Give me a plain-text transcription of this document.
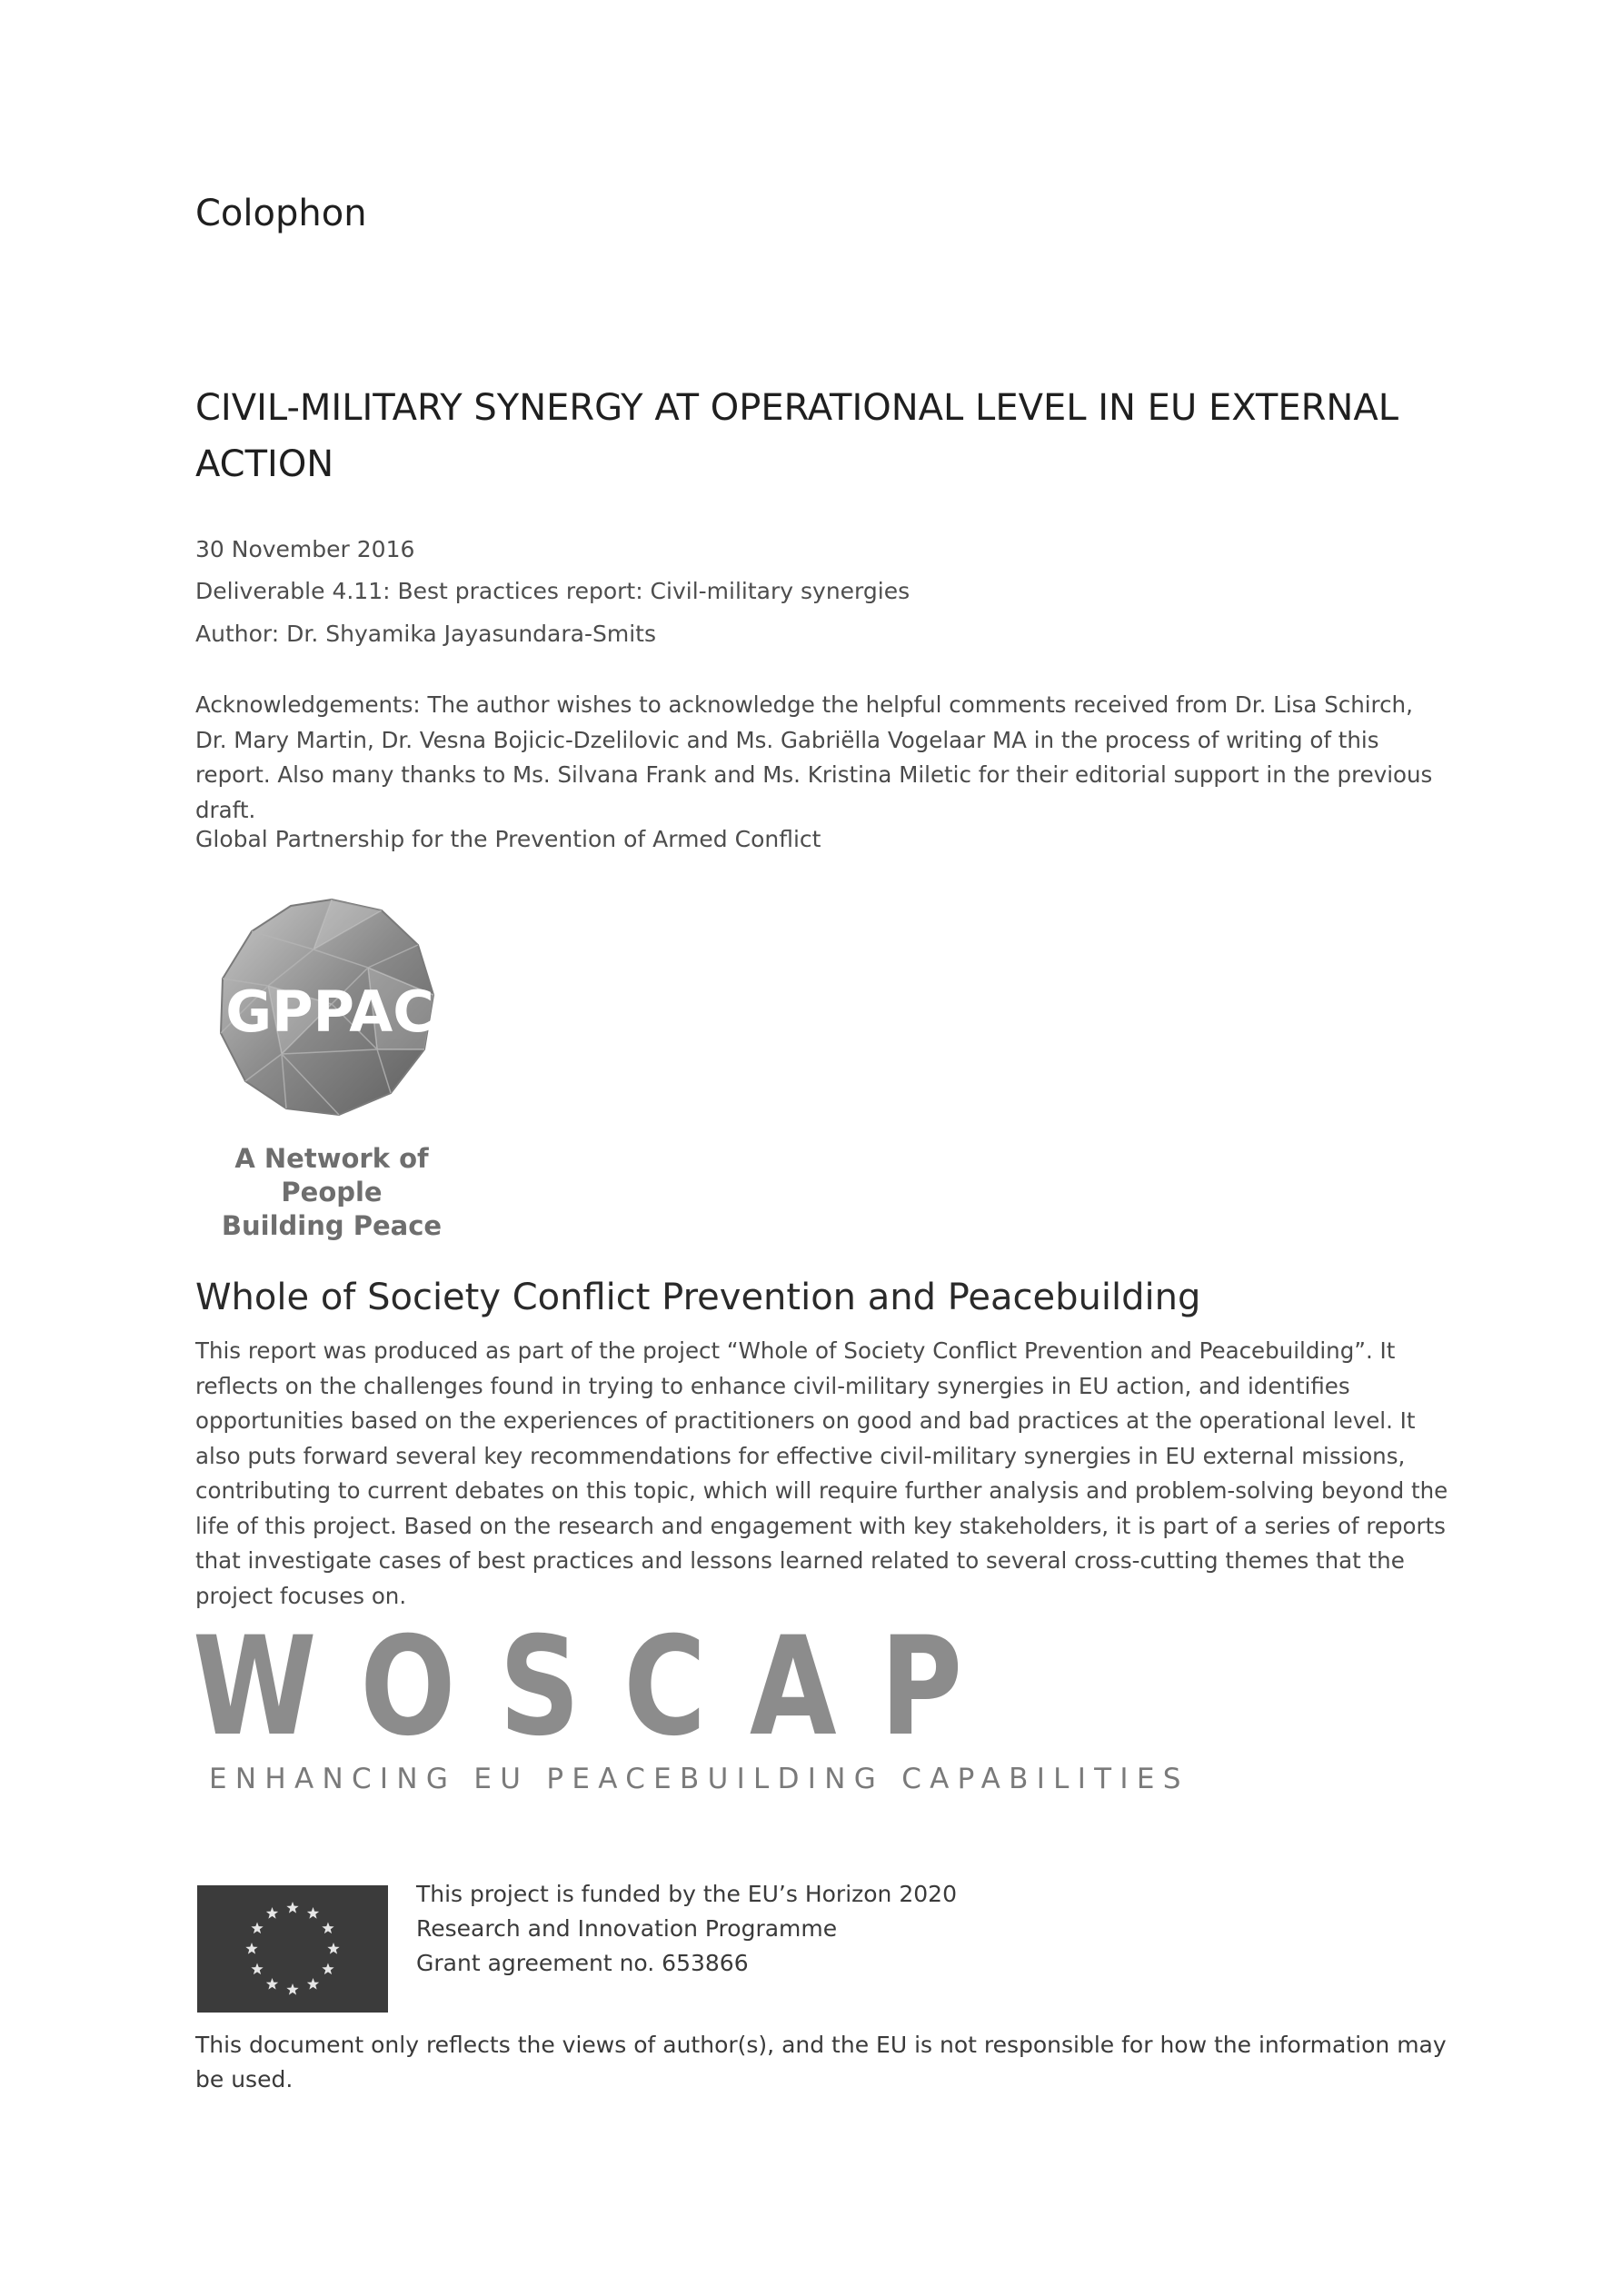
Colophon
CIVIL-MILITARY SYNERGY AT OPERATIONAL LEVEL IN EU EXTERNAL ACTION
30 November 2016
Deliverable 4.11: Best practices report: Civil-military synergies
Author: Dr. Shyamika Jayasundara-Smits
Acknowledgements: The author wishes to acknowledge the helpful comments received from Dr. Lisa Schirch, Dr. Mary Martin, Dr. Vesna Bojicic-Dzelilovic and Ms. Gabriëlla Vogelaar MA in the process of writing of this report. Also many thanks to Ms. Silvana Frank and Ms. Kristina Miletic for their editorial support in the previous draft.
Global Partnership for the Prevention of Armed Conflict
GPPAC
A Network of People
Building Peace
Whole of Society Conflict Prevention and Peacebuilding
This report was produced as part of the project “Whole of Society Conflict Prevention and Peacebuilding”. It reflects on the challenges found in trying to enhance civil-military synergies in EU action, and identifies opportunities based on the experiences of practitioners on good and bad practices at the operational level. It also puts forward several key recommendations for effective civil-military synergies in EU external missions, contributing to current debates on this topic, which will require further analysis and problem-solving beyond the life of this project. Based on the research and engagement with key stakeholders, it is part of a series of reports that investigate cases of best practices and lessons learned related to several cross-cutting themes that the project focuses on.
WOSCAP
ENHANCING EU PEACEBUILDING CAPABILITIES
This project is funded by the EU’s Horizon 2020
Research and Innovation Programme
Grant agreement no. 653866
This document only reflects the views of author(s), and the EU is not responsible for how the information may be used.
